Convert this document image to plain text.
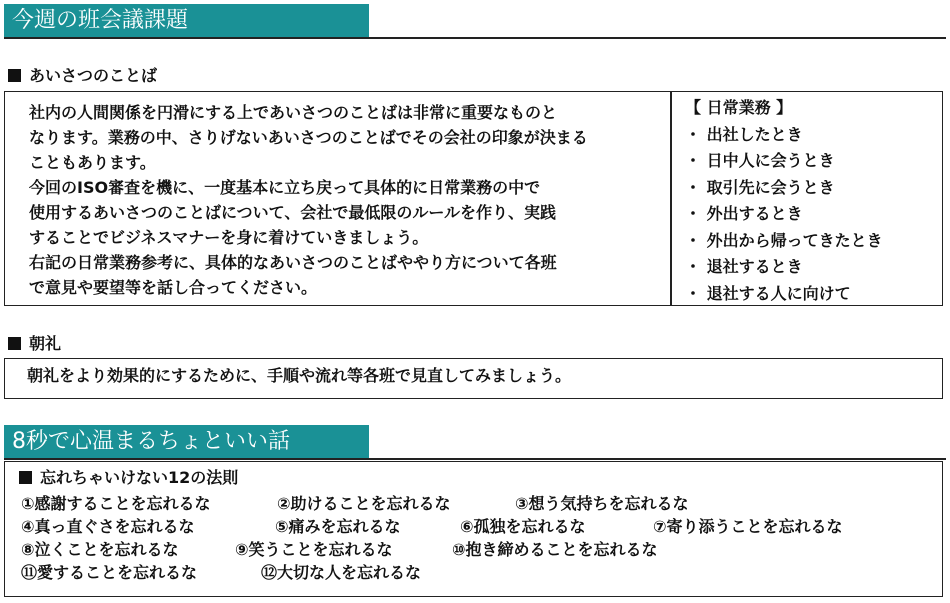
今週の班会議課題
あいさつのことば
社内の人間関係を円滑にする上であいさつのことばは非常に重要なものと
なります。業務の中、さりげないあいさつのことばでその会社の印象が決まる
こともあります。
今回のISO審査を機に、一度基本に立ち戻って具体的に日常業務の中で
使用するあいさつのことばについて、会社で最低限のルールを作り、実践
することでビジネスマナーを身に着けていきましょう。
右記の日常業務参考に、具体的なあいさつのことばややり方について各班
で意見や要望等を話し合ってください。
【 日常業務 】
・ 出社したとき
・ 日中人に会うとき
・ 取引先に会うとき
・ 外出するとき
・ 外出から帰ってきたとき
・ 退社するとき
・ 退社する人に向けて
朝礼
朝礼をより効果的にするために、手順や流れ等各班で見直してみましょう。
8秒で心温まるちょといい話
忘れちゃいけない12の法則
①感謝することを忘れるな	②助けることを忘れるな	③想う気持ちを忘れるな
④真っ直ぐさを忘れるな	⑤痛みを忘れるな	⑥孤独を忘れるな	⑦寄り添うことを忘れるな
⑧泣くことを忘れるな	⑨笑うことを忘れるな	⑩抱き締めることを忘れるな
⑪愛することを忘れるな	⑫大切な人を忘れるな
